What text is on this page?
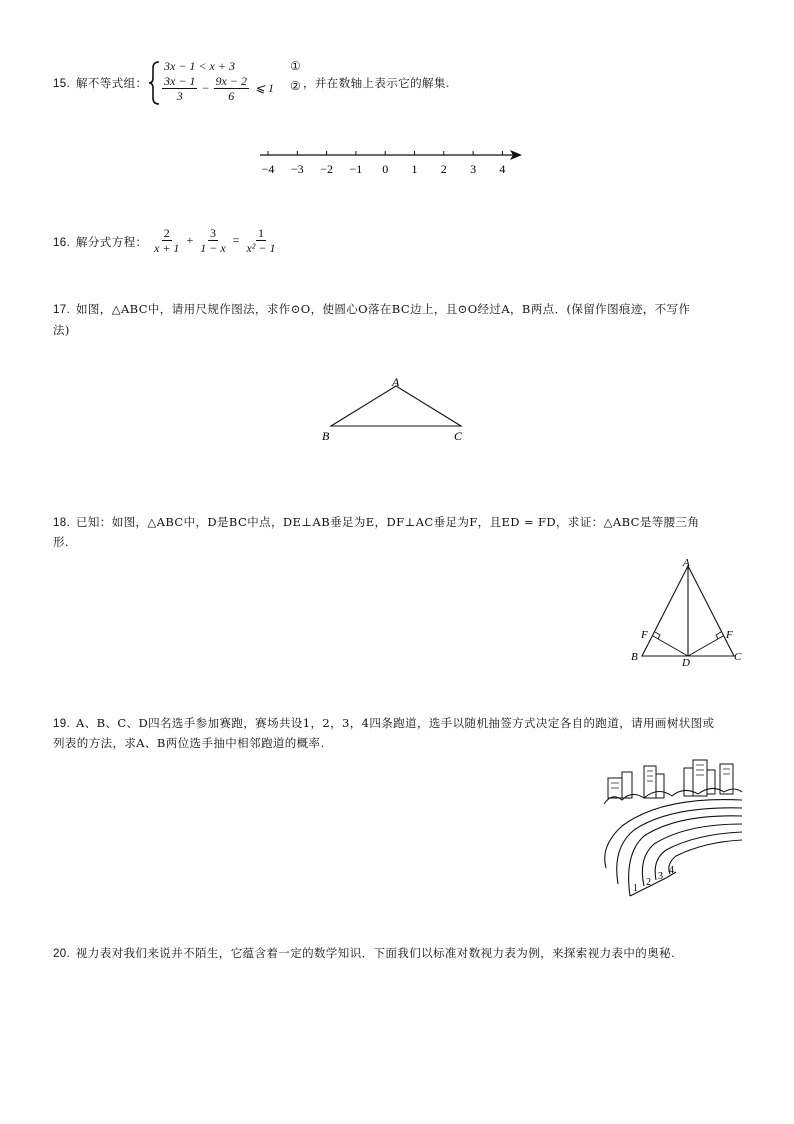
15. 解不等式组：
3x − 1 < x + 3
$\frac{3x - 1}{3} - \frac{9x - 2}{6}$ ⩽ 1
①
② ，并在数轴上表示它的解集.
−4 −3 −2 −1 0 1 2 3 4
16. 解分式方程： $\frac{2}{x + 1} + \frac{3}{1 - x} = \frac{1}{\text{x² − 1}}$
17. 如图，△ABC中，请用尺规作图法，求作⊙O，使圆心O落在BC边上，且⊙O经过A，B两点．(保留作图痕迹，不写作
法)
A
B	C
18. 已知：如图，△ABC中，D是BC中点，DE⊥AB垂足为E，DF⊥AC垂足为F，且ED = FD，求证：△ABC是等腰三角
形.
A
F	F
B	D	C
19. A、B、C、D四名选手参加赛跑，赛场共设1，2，3，4四条跑道，选手以随机抽签方式决定各自的跑道，请用画树状图或
列表的方法，求A、B两位选手抽中相邻跑道的概率.
1
2
3
4
20. 视力表对我们来说并不陌生，它蕴含着一定的数学知识．下面我们以标准对数视力表为例，来探索视力表中的奥秘.
